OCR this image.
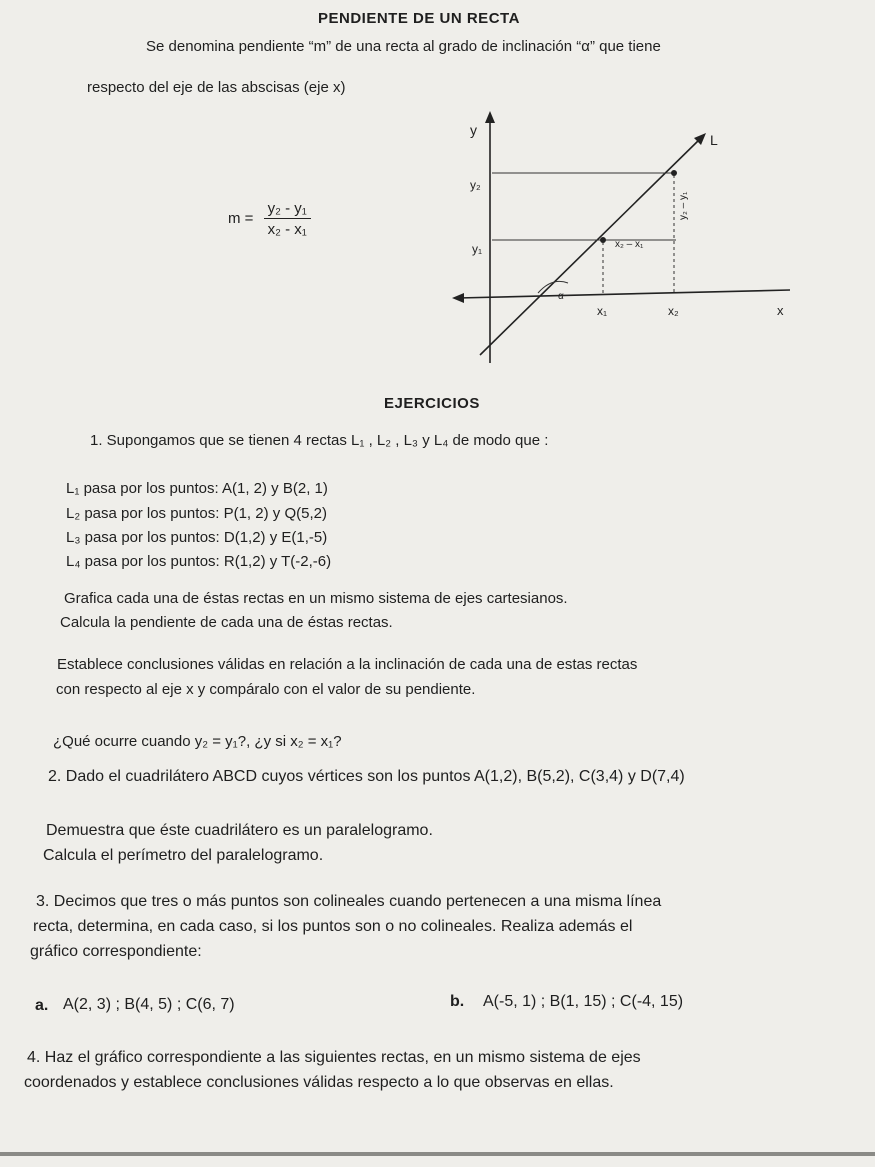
PENDIENTE DE UN RECTA
Se denomina pendiente “m” de una recta al grado de inclinación “α” que tiene
respecto del eje de las abscisas (eje x)
$m = \frac{\text{y₂ - y₁}}{\text{x₂ - x₁}}$
y
L
y₂
y₁	x₂ – x₁
y₂ – y₁
α
x₁	x₂	x
EJERCICIOS
1. Supongamos que se tienen 4 rectas L₁ , L₂ , L₃ y L₄ de modo que :
L₁ pasa por los puntos: A(1, 2) y B(2, 1)
L₂ pasa por los puntos: P(1, 2) y Q(5,2)
L₃ pasa por los puntos: D(1,2) y E(1,-5)
L₄ pasa por los puntos: R(1,2) y T(-2,-6)
Grafica cada una de éstas rectas en un mismo sistema de ejes cartesianos.
Calcula la pendiente de cada una de éstas rectas.
Establece conclusiones válidas en relación a la inclinación de cada una de estas rectas
con respecto al eje x y compáralo con el valor de su pendiente.
¿Qué ocurre cuando y₂ = y₁?, ¿y si x₂ = x₁?
2. Dado el cuadrilátero ABCD cuyos vértices son los puntos A(1,2), B(5,2), C(3,4) y D(7,4)
Demuestra que éste cuadrilátero es un paralelogramo.
Calcula el perímetro del paralelogramo.
3. Decimos que tres o más puntos son colineales cuando pertenecen a una misma línea
recta, determina, en cada caso, si los puntos son o no colineales. Realiza además el
gráfico correspondiente:
a. A(2, 3) ; B(4, 5) ; C(6, 7)	b. A(-5, 1) ; B(1, 15) ; C(-4, 15)
4. Haz el gráfico correspondiente a las siguientes rectas, en un mismo sistema de ejes
coordenados y establece conclusiones válidas respecto a lo que observas en ellas.
